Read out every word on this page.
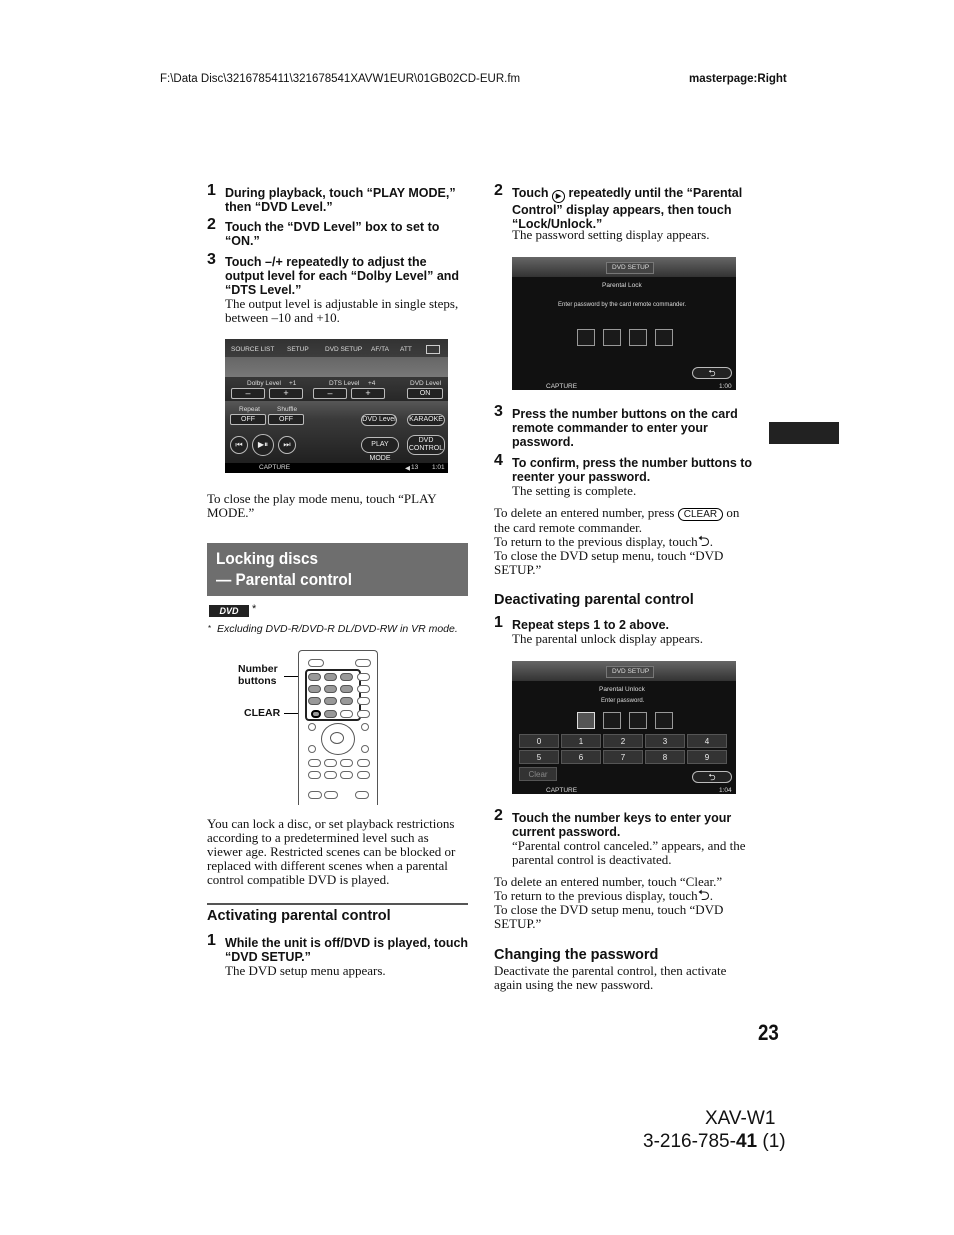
F:\Data Disc\3216785411\321678541XAVW1EUR\01GB02CD-EUR.fm	masterpage:Right
1 During playback, touch “PLAY MODE,” then “DVD Level.”
2 Touch the “DVD Level” box to set to “ON.”
3 Touch –/+ repeatedly to adjust the output level for each “Dolby Level” and “DTS Level.”
The output level is adjustable in single steps, between –10 and +10.
SOURCE LIST SETUP	DVD SETUP AF/TA ATT
Dolby Level +1	DTS Level +4	DVD Level
–	+	–	+	ON
Repeat	Shuffle
OFF	OFF	DVD Level KARAOKE
⏮	▶⏸	⏭	PLAY MODE
DVD CONTROL
CAPTURE	◀ 13 1:01
To close the play mode menu, touch “PLAY MODE.”
Locking discs
— Parental control
DVD	*
* Excluding DVD-R/DVD-R DL/DVD-RW in VR mode.
Number
buttons
CLEAR
You can lock a disc, or set playback restrictions according to a predetermined level such as viewer age. Restricted scenes can be blocked or replaced with different scenes when a parental control compatible DVD is played.
Activating parental control
1 While the unit is off/DVD is played, touch “DVD SETUP.”
The DVD setup menu appears.
2 Touch ▶ repeatedly until the “Parental Control” display appears, then touch “Lock/Unlock.”
The password setting display appears.
DVD SETUP
Parental Lock
Enter password by the card remote commander.
⮌
CAPTURE	1:00
3 Press the number buttons on the card remote commander to enter your password.
4 To confirm, press the number buttons to reenter your password.
The setting is complete.
To delete an entered number, press CLEAR on the card remote commander.
To return to the previous display, touch⮌.
To close the DVD setup menu, touch “DVD SETUP.”
Deactivating parental control
1 Repeat steps 1 to 2 above.
The parental unlock display appears.
DVD SETUP
Parental Unlock
Enter password.
0	1	2	3	4
5	6	7	8	9
Clear	⮌
CAPTURE	1:04
2 Touch the number keys to enter your current password.
“Parental control canceled.” appears, and the parental control is deactivated.
To delete an entered number, touch “Clear.”
To return to the previous display, touch⮌.
To close the DVD setup menu, touch “DVD SETUP.”
Changing the password
Deactivate the parental control, then activate again using the new password.
23
XAV-W1
3-216-785-41 (1)
